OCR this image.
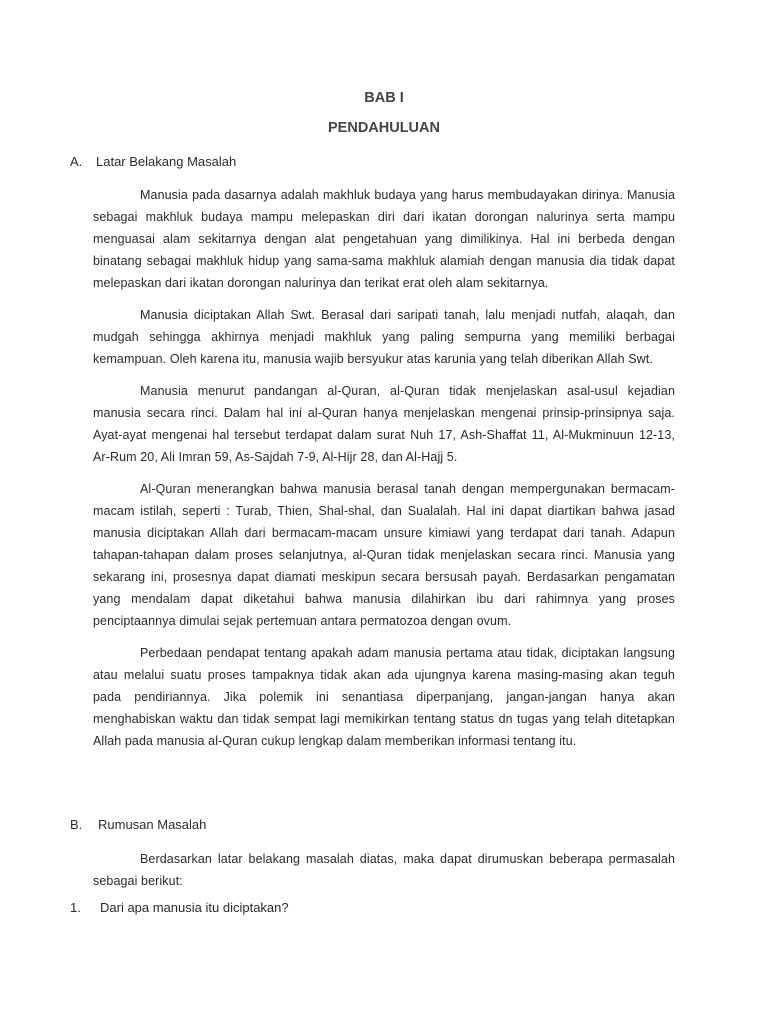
BAB I
PENDAHULUAN
A.	Latar Belakang Masalah

Manusia pada dasarnya adalah makhluk budaya yang harus membudayakan dirinya. Manusia sebagai makhluk budaya mampu melepaskan diri dari ikatan dorongan nalurinya serta mampu menguasai alam sekitarnya dengan alat pengetahuan yang dimilikinya. Hal ini berbeda dengan binatang sebagai makhluk hidup yang sama-sama makhluk alamiah dengan manusia dia tidak dapat melepaskan dari ikatan dorongan nalurinya dan terikat erat oleh alam sekitarnya.

Manusia diciptakan Allah Swt. Berasal dari saripati tanah, lalu menjadi nutfah, alaqah, dan mudgah sehingga akhirnya menjadi makhluk yang paling sempurna yang memiliki berbagai kemampuan. Oleh karena itu, manusia wajib bersyukur atas karunia yang telah diberikan Allah Swt.

Manusia menurut pandangan al-Quran, al-Quran tidak menjelaskan asal-usul kejadian manusia secara rinci. Dalam hal ini al-Quran hanya menjelaskan mengenai prinsip-prinsipnya saja. Ayat-ayat mengenai hal tersebut terdapat dalam surat Nuh 17, Ash-Shaffat 11, Al-Mukminuun 12-13, Ar-Rum 20, Ali Imran 59, As-Sajdah 7-9, Al-Hijr 28, dan Al-Hajj 5.

Al-Quran menerangkan bahwa manusia berasal tanah dengan mempergunakan bermacam-macam istilah, seperti : Turab, Thien, Shal-shal, dan Sualalah. Hal ini dapat diartikan bahwa jasad manusia diciptakan Allah dari bermacam-macam unsure kimiawi yang terdapat dari tanah. Adapun tahapan-tahapan dalam proses selanjutnya, al-Quran tidak menjelaskan secara rinci. Manusia yang sekarang ini, prosesnya dapat diamati meskipun secara bersusah payah. Berdasarkan pengamatan yang mendalam dapat diketahui bahwa manusia dilahirkan ibu dari rahimnya yang proses penciptaannya dimulai sejak pertemuan antara permatozoa dengan ovum.

Perbedaan pendapat tentang apakah adam manusia pertama atau tidak, diciptakan langsung atau melalui suatu proses tampaknya tidak akan ada ujungnya karena masing-masing akan teguh pada pendiriannya. Jika polemik ini senantiasa diperpanjang, jangan-jangan hanya akan menghabiskan waktu dan tidak sempat lagi memikirkan tentang status dn tugas yang telah ditetapkan Allah pada manusia al-Quran cukup lengkap dalam memberikan informasi tentang itu.

B.	Rumusan Masalah

Berdasarkan latar belakang masalah diatas, maka dapat dirumuskan beberapa permasalah sebagai berikut:

1.	Dari apa manusia itu diciptakan?
